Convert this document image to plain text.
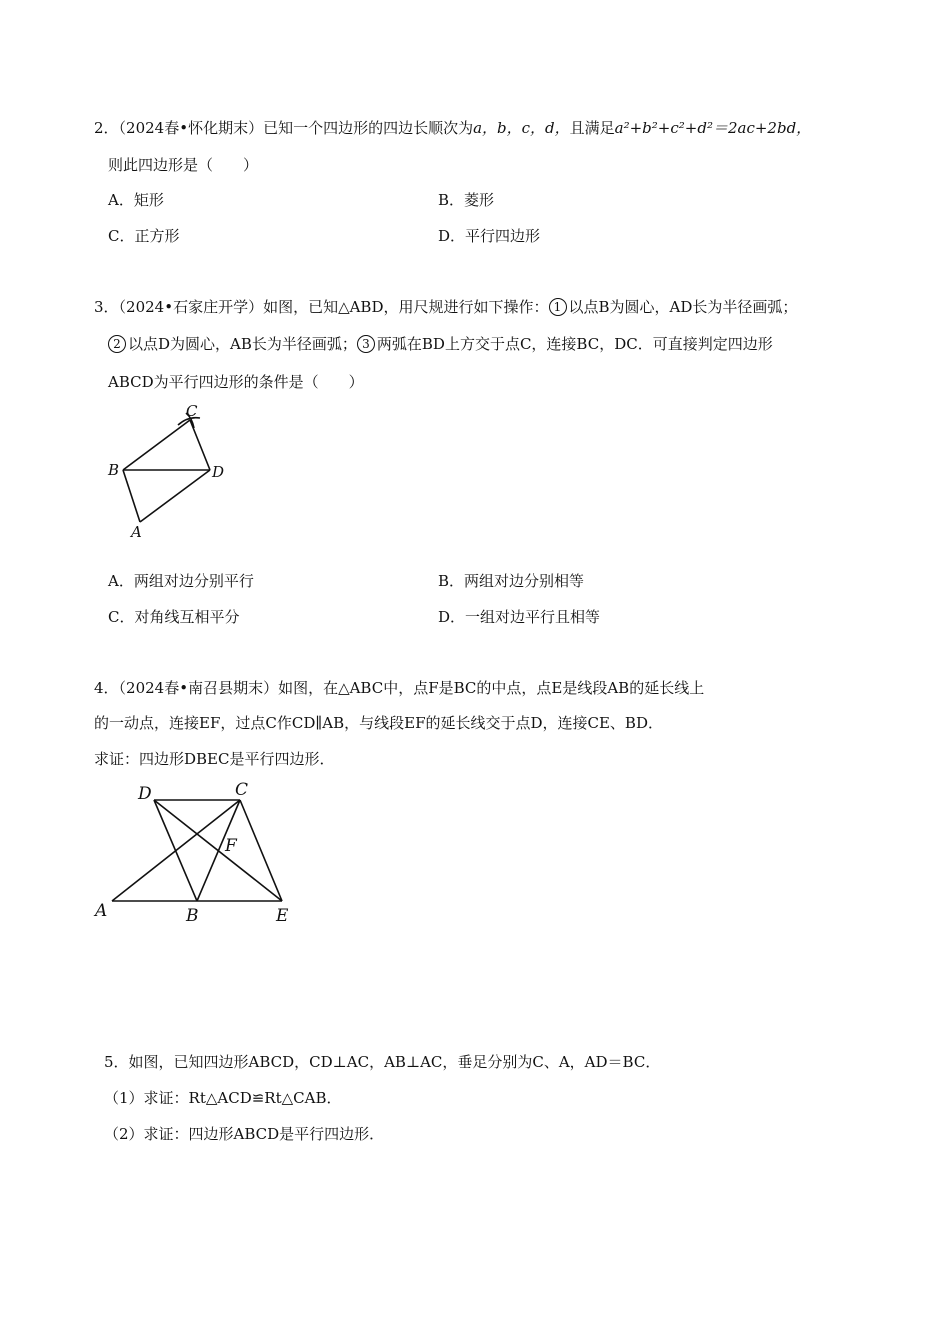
2．（2024春•怀化期末）已知一个四边形的四边长顺次为a，b，c，d，且满足a²+b²+c²+d²＝2ac+2bd，
则此四边形是（　　）
A．矩形	B．菱形
C．正方形	D．平行四边形
3．（2024•石家庄开学）如图，已知△ABD，用尺规进行如下操作： 1 以点B为圆心，AD长为半径画弧；
2 以点D为圆心，AB长为半径画弧； 3 两弧在BD上方交于点C，连接BC，DC．可直接判定四边形
ABCD为平行四边形的条件是（　　）
C
B	D
A
A．两组对边分别平行	B．两组对边分别相等
C．对角线互相平分	D．一组对边平行且相等
4．（2024春•南召县期末）如图，在△ABC中，点F是BC的中点，点E是线段AB的延长线上
的一动点，连接EF，过点C作CD∥AB，与线段EF的延长线交于点D，连接CE、BD．
求证：四边形DBEC是平行四边形．
D	C
F
A	B	E
5．如图，已知四边形ABCD，CD⊥AC，AB⊥AC，垂足分别为C、A，AD＝BC．
（1）求证：Rt△ACD≌Rt△CAB．
（2）求证：四边形ABCD是平行四边形．
